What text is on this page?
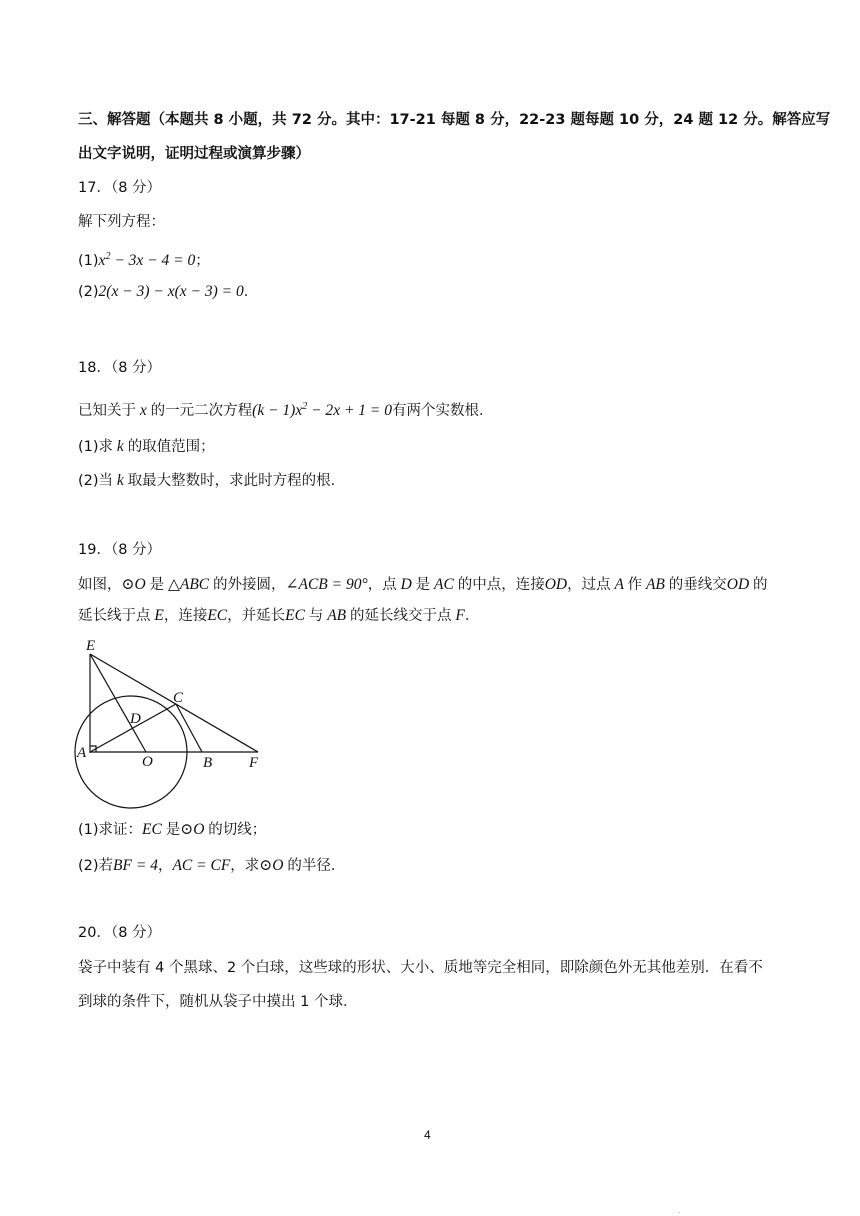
三、解答题（本题共 8 小题，共 72 分。其中：17-21 每题 8 分，22-23 题每题 10 分，24 题 12 分。解答应写
出文字说明，证明过程或演算步骤）
17．（8 分）
解下列方程：
$(1)x^2 - 3x - 4 = 0$；
(2)2(x − 3) − x(x − 3) = 0．
18．（8 分）
已知关于 x 的一元二次方程$(k - 1)x^2 - 2x + 1 = 0$有两个实数根．
(1)求 k 的取值范围；
(2)当 k 取最大整数时，求此时方程的根．
19．（8 分）
如图，⊙O 是 △ABC 的外接圆，∠ACB = 90°，点 D 是 AC 的中点，连接OD，过点 A 作 AB 的垂线交OD 的
延长线于点 E，连接EC，并延长EC 与 AB 的延长线交于点 F．
E
C
D
A
O	B F
(1)求证：EC 是⊙O 的切线；
(2)若BF = 4，AC = CF，求⊙O 的半径．
20．（8 分）
袋子中装有 4 个黑球、2 个白球，这些球的形状、大小、质地等完全相同，即除颜色外无其他差别．在看不
到球的条件下，随机从袋子中摸出 1 个球．
4
.
